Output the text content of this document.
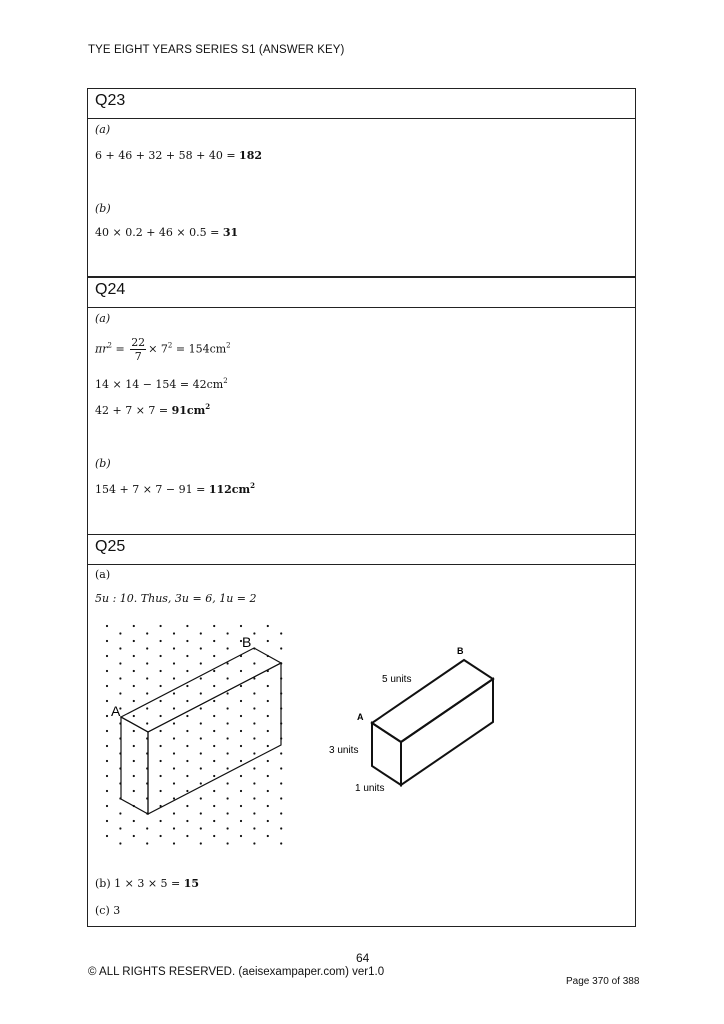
TYE EIGHT YEARS SERIES S1 (ANSWER KEY)
Q23
(a)
6 + 46 + 32 + 58 + 40 = 182
(b)
40 × 0.2 + 46 × 0.5 = 31
Q24
(a)
$\pi r^2 = \frac{22}{7} \times 7^2 = 154cm^2$
$14 \times 14 - 154 = 42cm^2$
$42 + 7 \times 7 = 91cm^2$
(b)
$154 + 7 \times 7 - 91 = 112cm^2$
Q25
(a)
5u : 10. Thus, 3u = 6, 1u = 2
A
B
B
A
5 units
3 units
1 units
(b) 1 × 3 × 5 = 15
(c) 3
64
© ALL RIGHTS RESERVED. (aeisexampaper.com) ver1.0
Page 370 of 388
